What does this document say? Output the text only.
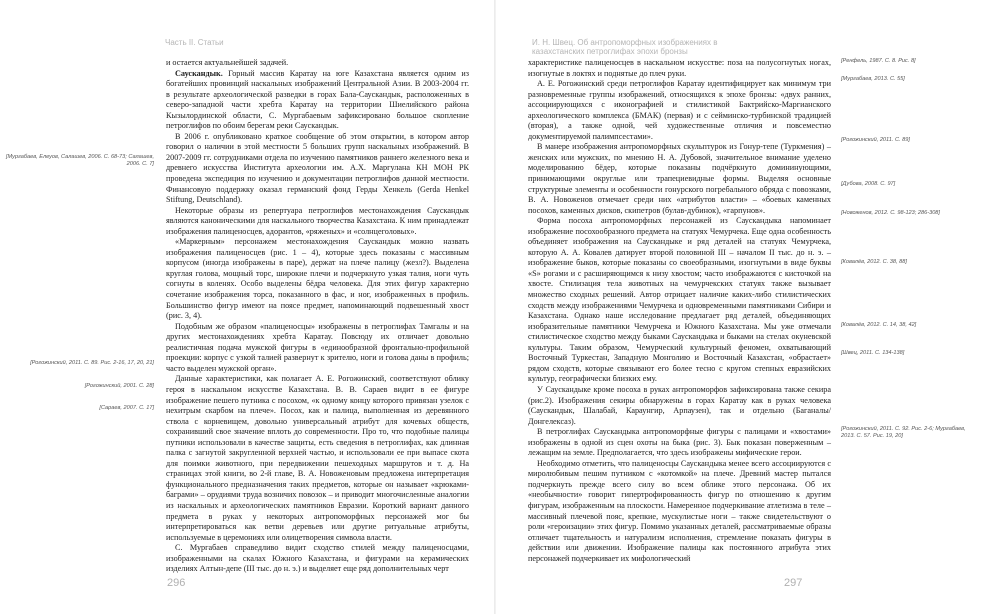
Часть II. Статьи
[Мургабаев, Елеуов, Салашев, 2006. С. 68-73; Салашев, 2006. С. 7]
[Рогожинский, 2011. С. 89. Рис. 2-16, 17, 20, 21]
[Рогожинский, 2001. С. 28]
[Сараев, 2007. С. 17]

и остается актуальнейшей задачей.

Саускандык. Горный массив Каратау на юге Казахстана является одним из богатейших провинций наскальных изображений Центральной Азии. В 2003-2004 гг. в результате археологической разведки в горах Бала-Саускандык, расположенных в северо-западной части хребта Каратау на территории Шиелийского района Кызылординской области, С. Мургабаевым зафиксировано большое скопление петроглифов по обоим берегам реки Саускандык.

В 2006 г. опубликовано краткое сообщение об этом открытии, в котором автор говорил о наличии в этой местности 5 больших групп наскальных изображений. В 2007-2009 гг. сотрудниками отдела по изучению памятников раннего железного века и древнего искусства Института археологии им. А.Х. Маргулана КН МОН РК проведена экспедиция по изучению и документации петроглифов данной местности. Финансовую поддержку оказал германский фонд Герды Хенкель (Gerda Henkel Stiftung, Deutschland).

Некоторые образы из репертуара петроглифов местонахождения Саускандык являются каноническими для наскального творчества Казахстана. К ним принадлежат изображения палиценосцев, адорантов, «ряженых» и «солнцеголовых».

«Маркерным» персонажем местонахождения Саускандык можно назвать изображения палиценосцев (рис. 1 – 4), которые здесь показаны с массивным корпусом (иногда изображены в паре), держат на плече палицу (жезл?). Выделена круглая голова, мощный торс, широкие плечи и подчеркнуто узкая талия, ноги чуть согнуты в коленях. Особо выделены бёдра человека. Для этих фигур характерно сочетание изображения торса, показанного в фас, и ног, изображенных в профиль. Большинство фигур имеют на поясе предмет, напоминающий подвешенный хвост (рис. 3, 4).

Подобным же образом «палиценосцы» изображены в петроглифах Тамгалы и на других местонахождениях хребта Каратау. Повсюду их отличает довольно реалистичная подача мужской фигуры в «единообразной фронтально-профильной проекции: корпус с узкой талией развернут к зрителю, ноги и голова даны в профиль; часто выделен мужской орган».

Данные характеристики, как полагает А. Е. Рогожинский, соответствуют облику героя в наскальном искусстве Казахстана. В. В. Сараев видит в ее фигуре изображение пешего путника с посохом, «к одному концу которого привязан узелок с нехитрым скарбом на плече». Посох, как и палица, выполненная из деревянного ствола с корневищем, довольно универсальный атрибут для кочевых обществ, сохранивший свое значение вплоть до современности. Про то, что подобные палицы путники использовали в качестве защиты, есть сведения в петроглифах, как длинная палка с загнутой закругленной верхней частью, и использовали ее при выпасе скота для поимки животного, при передвижении пешеходных маршрутов и т. д. На страницах этой книги, во 2-й главе, В. А. Новоженовым предложена интерпретация функционального предназначения таких предметов, которые он называет «крюками-баграми» – орудиями труда возничих повозок – и приводит многочисленные аналогии из наскальных и археологических памятников Евразии. Короткий вариант данного предмета в руках у некоторых антропоморфных персонажей мог бы интерпретироваться как ветви деревьев или другие ритуальные атрибуты, используемые в церемониях или олицетворения символа власти.

С. Мургабаев справедливо видит сходство стилей между палиценосцами, изображенными на скалах Южного Казахстана, и фигурами на керамических изделиях Алтын-депе (III тыс. до н. э.) и выделяет еще ряд дополнительных черт

296
И. Н. Швец. Об антропоморфных изображениях в казахстанских петроглифах эпохи бронзы
[Ренфель, 1987. С. 8. Рис. 8]
[Мургабаев, 2013. С. 55]
[Рогожинский, 2011. С. 89]
[Дубова, 2008. С. 97]
[Новоженов, 2012. С. 98-123; 286-308]
[Ковалёв, 2012. С. 38, 88]
[Ковалёв, 2012. С. 14, 38, 42]
[Швец, 2011. С. 134-138]
[Рогожинский, 2011. С. 92. Рис. 2-6; Мургабаев, 2013. С. 57. Рис. 19, 20]

характеристике палиценосцев в наскальном искусстве: поза на полусогнутых ногах, изогнутые в локтях и поднятые до плеч руки.

А. Е. Рогожинский среди петроглифов Каратау идентифицирует как минимум три разновременные группы изображений, относящихся к эпохе бронзы: «двух ранних, ассоциирующихся с иконографией и стилистикой Бактрийско-Маргианского археологического комплекса (БМАК) (первая) и с сейминско-турбинской традицией (вторая), а также одной, чей художественные отличия и повсеместно документируемой палимпсестами».

В манере изображения антропоморфных скульптурок из Гонур-тепе (Туркмения) – женских или мужских, по мнению Н. А. Дубовой, значительное внимание уделено моделированию бёдер, которые показаны подчёркнуто домининующими, принимающими округлые или трапециевидные формы. Выделяя основные структурные элементы и особенности гонурского погребального обряда с повозками, В. А. Новоженов отмечает среди них «атрибутов власти» – «боевых каменных посохов, каменных дисков, скипетров (булав-дубинок), «гарпунов».

Форма посоха антропоморфных персонажей из Саускандыка напоминает изображение посохообразного предмета на статуях Чемурчека. Еще одна особенность объединяет изображения на Саускандыке и ряд деталей на статуях Чемурчека, которую А. А. Ковалев датирует второй половиной III – началом II тыс. до н. э. – изображение быков, которые показаны со своеобразными, изогнутыми в виде буквы «S» рогами и с расширяющимся к низу хвостом; часто изображаются с кисточкой на хвосте. Стилизация тела животных на чемурчекских статуях также вызывает множество сходных решений. Автор отрицает наличие каких-либо стилистических сходств между изображениями Чемурчека и одновременными памятниками Сибири и Казахстана. Однако наше исследование предлагает ряд деталей, объединяющих изобразительные памятники Чемурчека и Южного Казахстана. Мы уже отмечали стилистическое сходство между быками Саускандыка и быками на стелах окуневской культуры. Таким образом, Чемурческий культурный феномен, охватывающий Восточный Туркестан, Западную Монголию и Восточный Казахстан, «обрастает» рядом сходств, которые связывают его более тесно с кругом степных евразийских культур, географически близких ему.

У Саускандыке кроме посоха в руках антропоморфов зафиксирована также секира (рис.2). Изображения секиры обнаружены в горах Каратау как в руках человека (Саускандык, Шалабай, Караунгир, Арпаузен), так и отдельно (Баганалы/Донгелексаз).

В петроглифах Саускандыка антропоморфные фигуры с палицами и «хвостами» изображены в одной из сцен охоты на быка (рис. 3). Бык показан поверженным – лежащим на земле. Предполагается, что здесь изображены мифические герои.

Необходимо отметить, что палиценосцы Саускандыка менее всего ассоциируются с миролюбивым пешим путником с «котомкой» на плече. Древний мастер пытался подчеркнуть прежде всего силу во всем облике этого персонажа. Об их «необычности» говорит гипертрофированность фигур по отношению к другим фигурам, изображенным на плоскости. Намеренное подчеркивание атлетизма в теле – массивный плечевой пояс, крепкие, мускулистые ноги – также свидетельствуют о роли «героизации» этих фигур. Помимо указанных деталей, рассматриваемые образы отличает тщательность и натурализм исполнения, стремление показать фигуры в действии или движении. Изображение палицы как постоянного атрибута этих персонажей подчеркивает их мифологический

297
